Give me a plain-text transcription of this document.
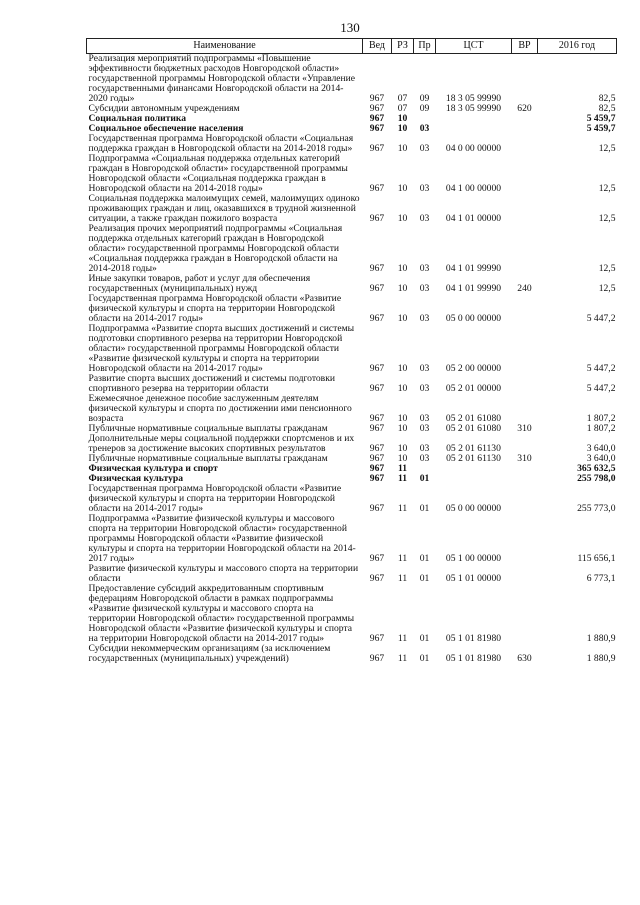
130
Наименование	Вед	РЗ	Пр	ЦСТ	ВР	2016 год
Реализация мероприятий подпрограммы «Повышение эффективности бюджетных расходов Новгородской области» государственной программы Новгородской области «Управление государственными финансами Новгородской области на 2014-2020 годы»	967	07	09	18 3 05 99990		82,5
Субсидии автономным учреждениям	967	07	09	18 3 05 99990	620	82,5
Социальная политика	967	10				5 459,7
Социальное обеспечение населения	967	10	03			5 459,7
Государственная программа Новгородской области «Социальная поддержка граждан в Новгородской области на 2014-2018 годы»	967	10	03	04 0 00 00000		12,5
Подпрограмма «Социальная поддержка отдельных категорий граждан в Новгородской области» государственной программы Новгородской области «Социальная поддержка граждан в Новгородской области на 2014-2018 годы»	967	10	03	04 1 00 00000		12,5
Социальная поддержка малоимущих семей, малоимущих одиноко проживающих граждан и лиц, оказавшихся в трудной жизненной ситуации, а также граждан пожилого возраста	967	10	03	04 1 01 00000		12,5
Реализация прочих мероприятий подпрограммы «Социальная поддержка отдельных категорий граждан в Новгородской области» государственной программы Новгородской области «Социальная поддержка граждан в Новгородской области на 2014-2018 годы»	967	10	03	04 1 01 99990		12,5
Иные закупки товаров, работ и услуг для обеспечения государственных (муниципальных) нужд	967	10	03	04 1 01 99990	240	12,5
Государственная программа Новгородской области «Развитие физической культуры и спорта на территории Новгородской области на 2014-2017 годы»	967	10	03	05 0 00 00000		5 447,2
Подпрограмма «Развитие спорта высших достижений и системы подготовки спортивного резерва на территории Новгородской области» государственной программы Новгородской области «Развитие физической культуры и спорта на территории Новгородской области на 2014-2017 годы»	967	10	03	05 2 00 00000		5 447,2
Развитие спорта высших достижений и системы подготовки спортивного резерва на территории области	967	10	03	05 2 01 00000		5 447,2
Ежемесячное денежное пособие заслуженным деятелям физической культуры и спорта по достижении ими пенсионного возраста	967	10	03	05 2 01 61080		1 807,2
Публичные нормативные социальные выплаты гражданам	967	10	03	05 2 01 61080	310	1 807,2
Дополнительные меры социальной поддержки спортсменов и их тренеров за достижение высоких спортивных результатов	967	10	03	05 2 01 61130		3 640,0
Публичные нормативные социальные выплаты гражданам	967	10	03	05 2 01 61130	310	3 640,0
Физическая культура и спорт	967	11				365 632,5
Физическая культура	967	11	01			255 798,0
Государственная программа Новгородской области «Развитие физической культуры и спорта на территории Новгородской области на 2014-2017 годы»	967	11	01	05 0 00 00000		255 773,0
Подпрограмма «Развитие физической культуры и массового спорта на территории Новгородской области» государственной программы Новгородской области «Развитие физической культуры и спорта на территории Новгородской области на 2014-2017 годы»	967	11	01	05 1 00 00000		115 656,1
Развитие физической культуры и массового спорта на территории области	967	11	01	05 1 01 00000		6 773,1
Предоставление субсидий аккредитованным спортивным федерациям Новгородской области в рамках подпрограммы «Развитие физической культуры и массового спорта на территории Новгородской области» государственной программы Новгородской области «Развитие физической культуры и спорта на территории Новгородской области на 2014-2017 годы»	967	11	01	05 1 01 81980		1 880,9
Субсидии некоммерческим организациям (за исключением государственных (муниципальных) учреждений)	967	11	01	05 1 01 81980	630	1 880,9
